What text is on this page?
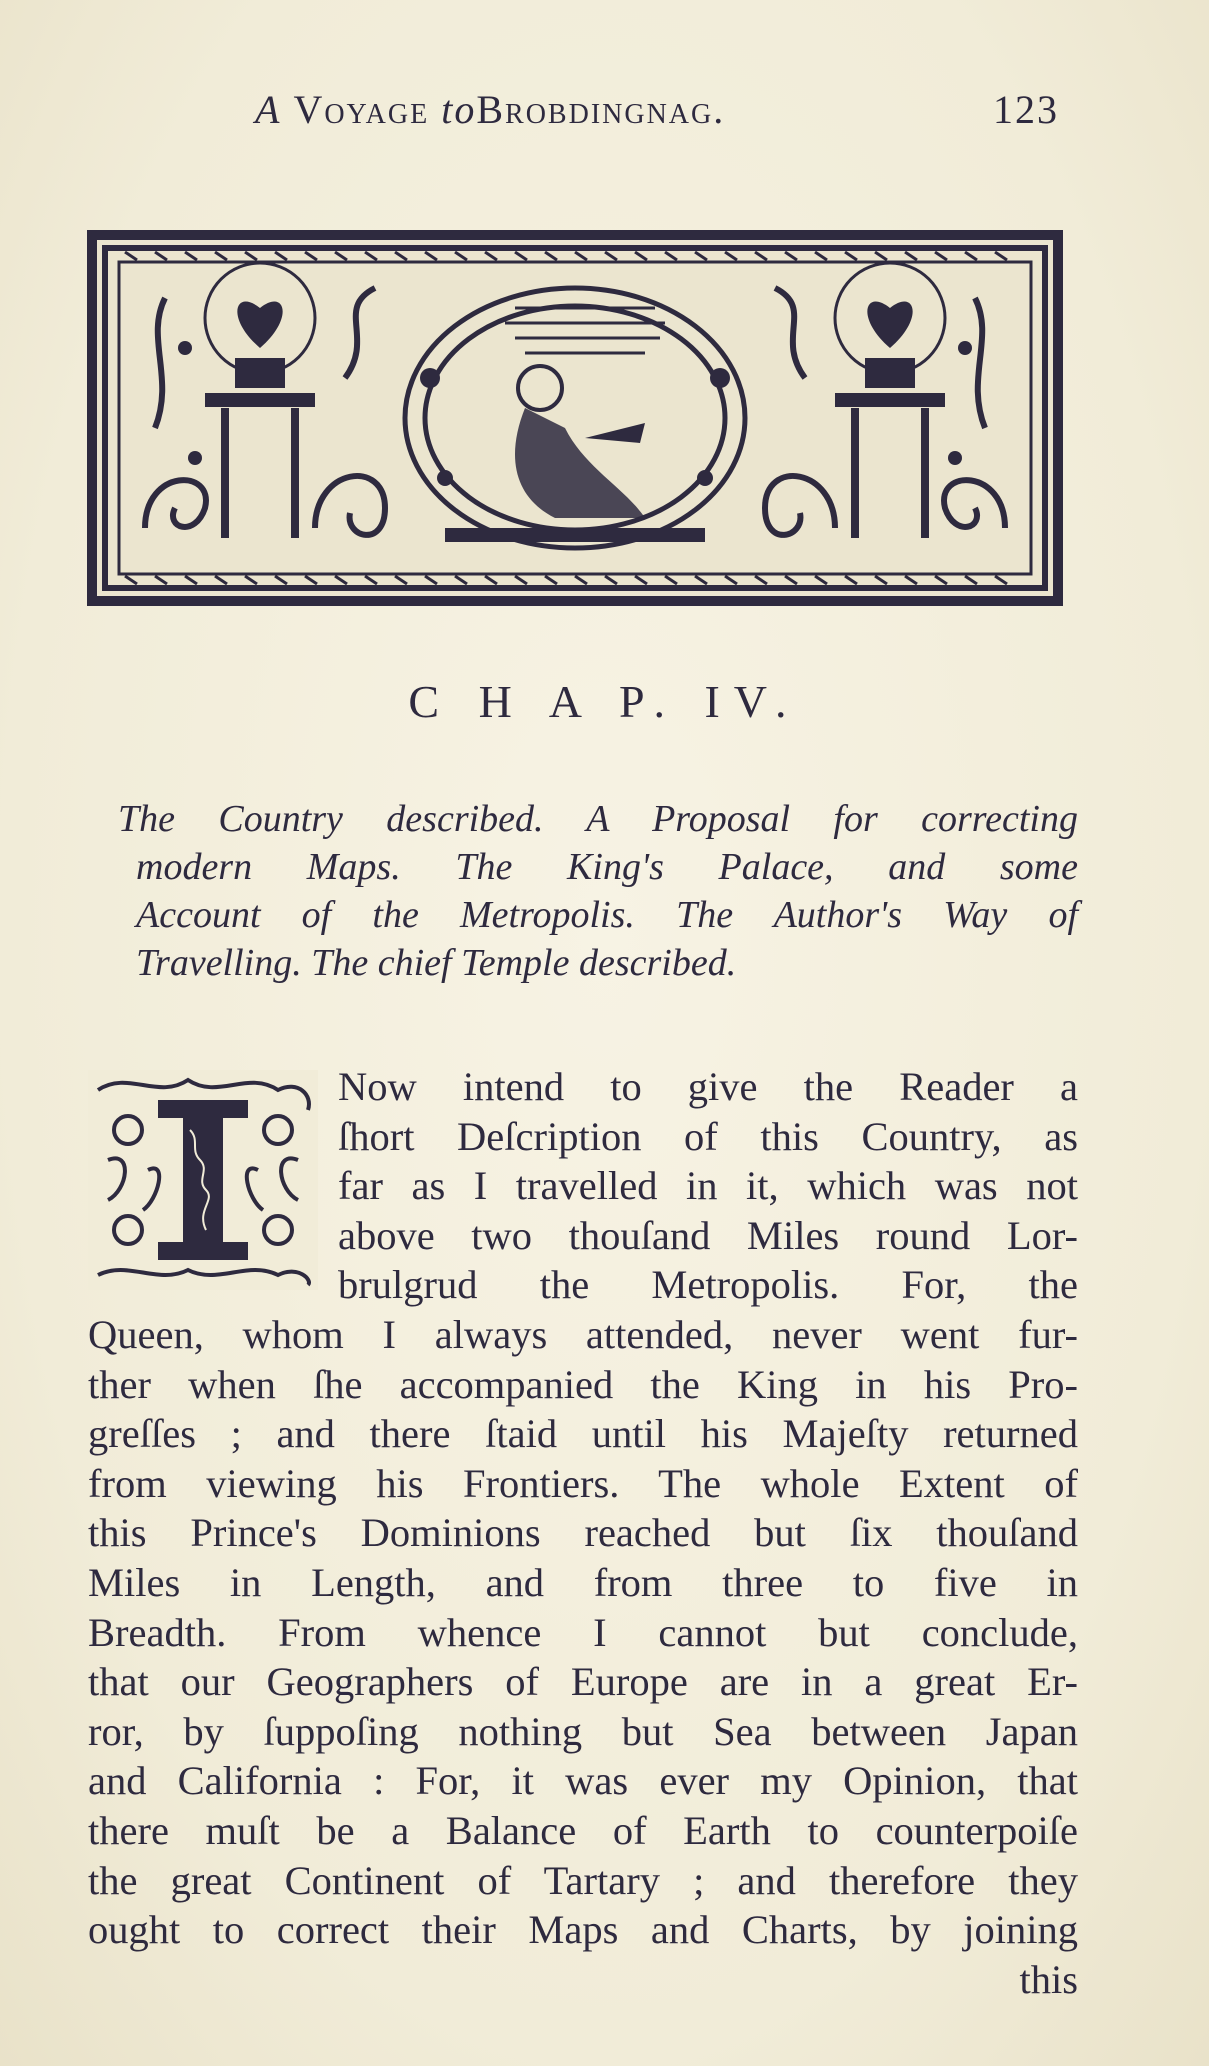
A Voyage toBrobdingnag.	123
C H A P. IV.
The Country described. A Proposal for correcting
modern Maps. The King's Palace, and some
Account of the Metropolis. The Author's Way of
Travelling. The chief Temple described.
Now intend to give the Reader a
ſhort Deſcription of this Country, as
far as I travelled in it, which was not
above two thouſand Miles round Lor-
brulgrud the Metropolis. For, the
Queen, whom I always attended, never went fur-
ther when ſhe accompanied the King in his Pro-
greſſes ; and there ſtaid until his Majeſty returned
from viewing his Frontiers. The whole Extent of
this Prince's Dominions reached but ſix thouſand
Miles in Length, and from three to five in
Breadth. From whence I cannot but conclude,
that our Geographers of Europe are in a great Er-
ror, by ſuppoſing nothing but Sea between Japan
and California : For, it was ever my Opinion, that
there muſt be a Balance of Earth to counterpoiſe
the great Continent of Tartary ; and therefore they
ought to correct their Maps and Charts, by joining
this
